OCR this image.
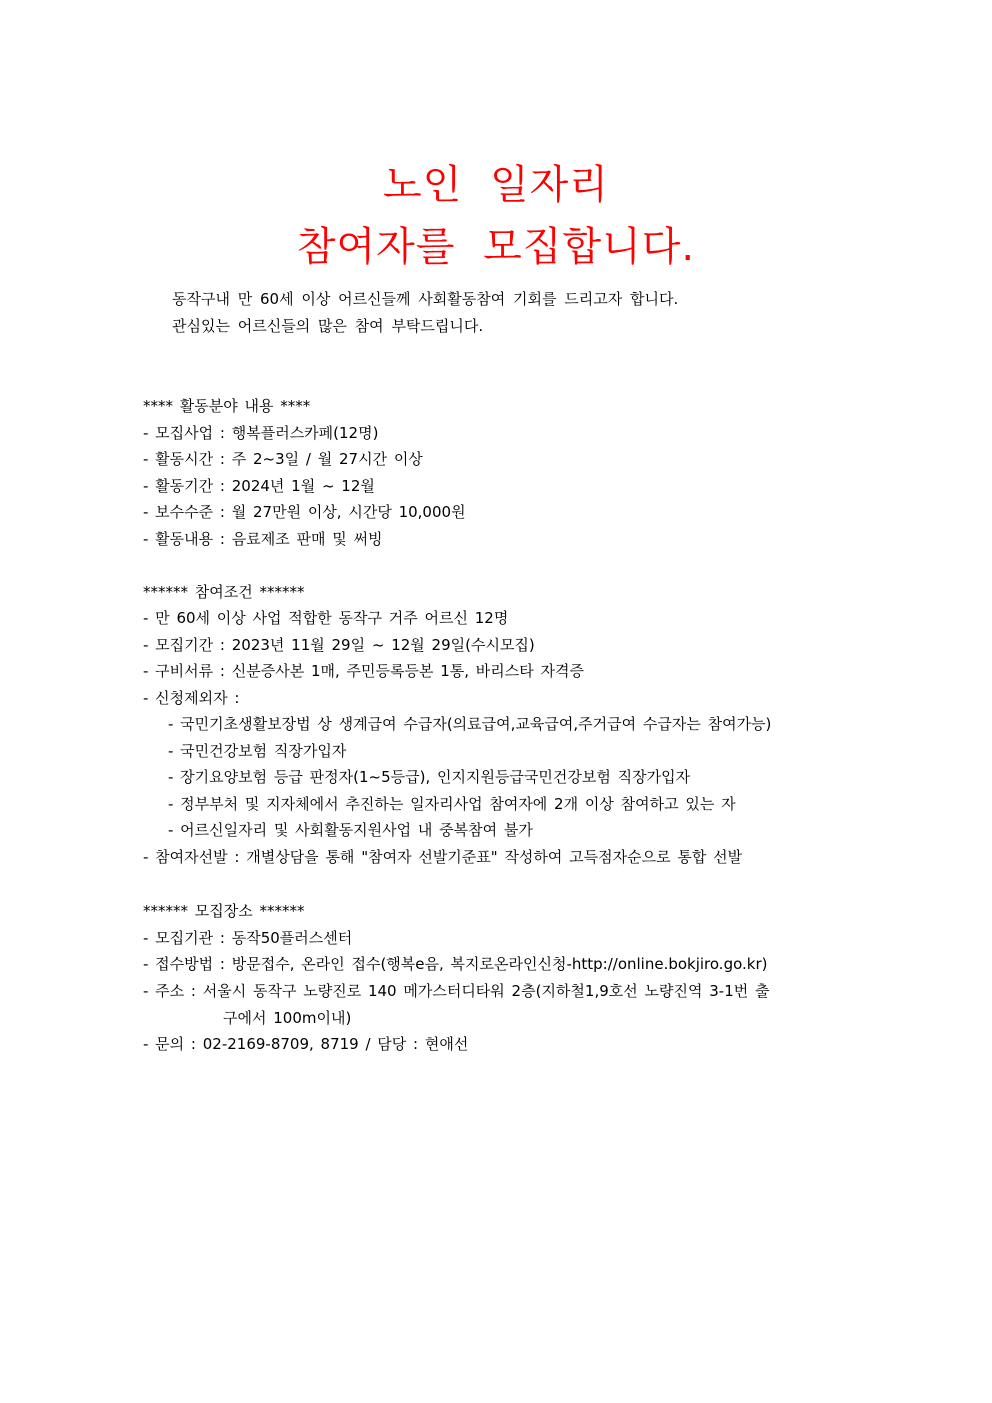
노인 일자리
참여자를 모집합니다.
동작구내 만 60세 이상 어르신들께 사회활동참여 기회를 드리고자 합니다.
관심있는 어르신들의 많은 참여 부탁드립니다.
**** 활동분야 내용 ****
- 모집사업 : 행복플러스카페(12명)
- 활동시간 : 주 2~3일 / 월 27시간 이상
- 활동기간 : 2024년 1월 ~ 12월
- 보수수준 : 월 27만원 이상, 시간당 10,000원
- 활동내용 : 음료제조 판매 및 써빙
****** 참여조건 ******
- 만 60세 이상 사업 적합한 동작구 거주 어르신 12명
- 모집기간 : 2023년 11월 29일 ~ 12월 29일(수시모집)
- 구비서류 : 신분증사본 1매, 주민등록등본 1통, 바리스타 자격증
- 신청제외자 :
- 국민기초생활보장법 상 생계급여 수급자(의료급여,교육급여,주거급여 수급자는 참여가능)
- 국민건강보험 직장가입자
- 장기요양보험 등급 판정자(1~5등급), 인지지원등급국민건강보험 직장가입자
- 정부부처 및 지자체에서 추진하는 일자리사업 참여자에 2개 이상 참여하고 있는 자
- 어르신일자리 및 사회활동지원사업 내 중복참여 불가
- 참여자선발 : 개별상담을 통해 "참여자 선발기준표" 작성하여 고득점자순으로 통합 선발
****** 모집장소 ******
- 모집기관 : 동작50플러스센터
- 접수방법 : 방문접수, 온라인 접수(행복e음, 복지로온라인신청-http://online.bokjiro.go.kr)
- 주소 : 서울시 동작구 노량진로 140 메가스터디타워 2층(지하철1,9호선 노량진역 3-1번 출
구에서 100m이내)
- 문의 : 02-2169-8709, 8719 / 담당 : 현애선
